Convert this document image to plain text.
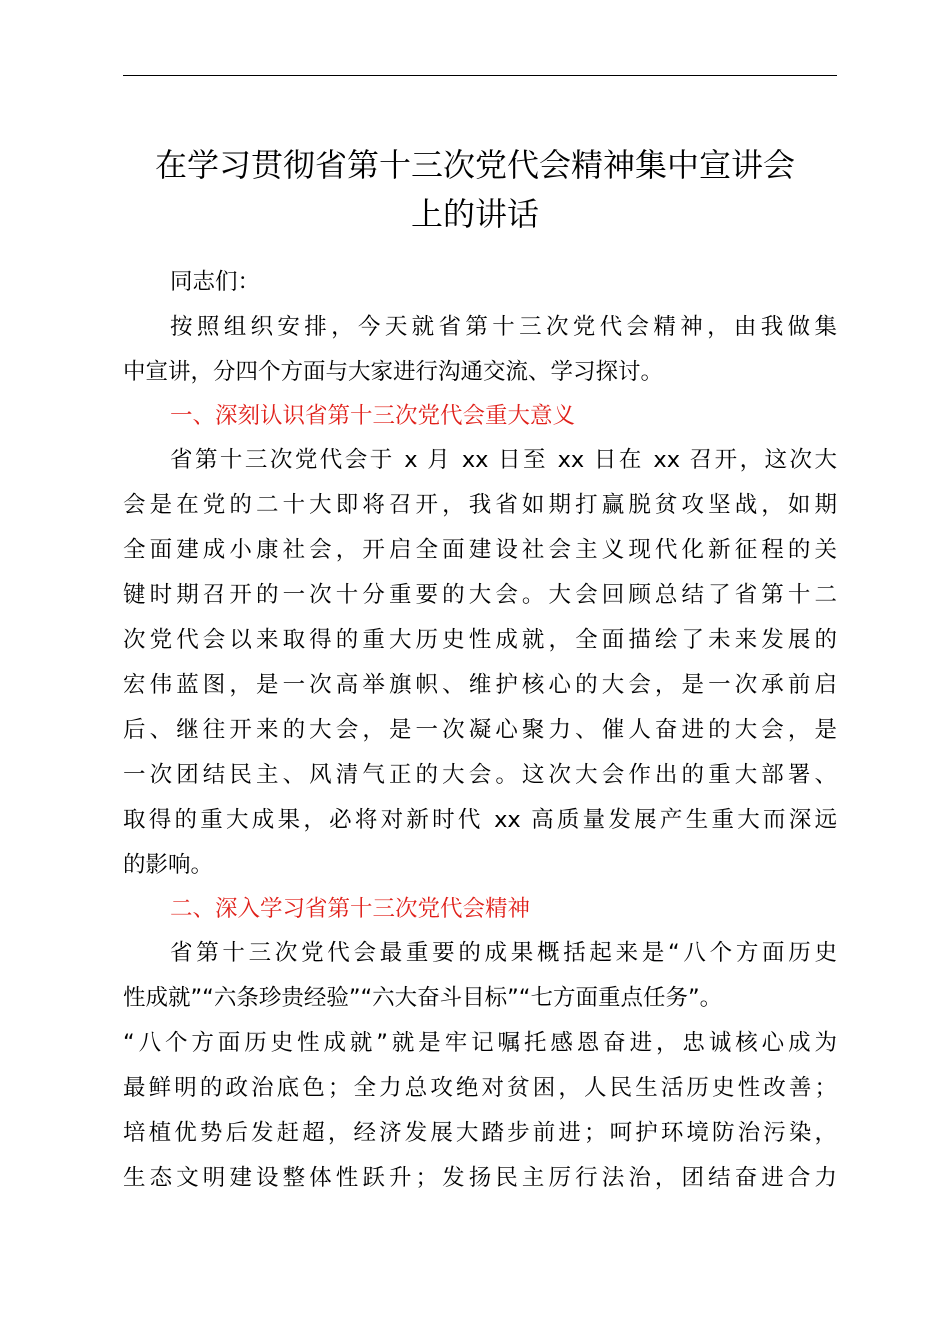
在学习贯彻省第十三次党代会精神集中宣讲会
上的讲话

同志们：

按照组织安排，今天就省第十三次党代会精神，由我做集

中宣讲，分四个方面与大家进行沟通交流、学习探讨。

一、深刻认识省第十三次党代会重大意义

省第十三次党代会于 x 月 xx 日至 xx 日在 xx 召开，这次大

会是在党的二十大即将召开，我省如期打赢脱贫攻坚战，如期

全面建成小康社会，开启全面建设社会主义现代化新征程的关

键时期召开的一次十分重要的大会。大会回顾总结了省第十二

次党代会以来取得的重大历史性成就，全面描绘了未来发展的

宏伟蓝图，是一次高举旗帜、维护核心的大会，是一次承前启

后、继往开来的大会，是一次凝心聚力、催人奋进的大会，是

一次团结民主、风清气正的大会。这次大会作出的重大部署、

取得的重大成果，必将对新时代 xx 高质量发展产生重大而深远

的影响。

二、深入学习省第十三次党代会精神

省第十三次党代会最重要的成果概括起来是“八个方面历史

性成就”“六条珍贵经验”“六大奋斗目标”“七方面重点任务”。

“八个方面历史性成就”就是牢记嘱托感恩奋进，忠诚核心成为

最鲜明的政治底色；全力总攻绝对贫困，人民生活历史性改善；

培植优势后发赶超，经济发展大踏步前进；呵护环境防治污染，

生态文明建设整体性跃升；发扬民主厉行法治，团结奋进合力
